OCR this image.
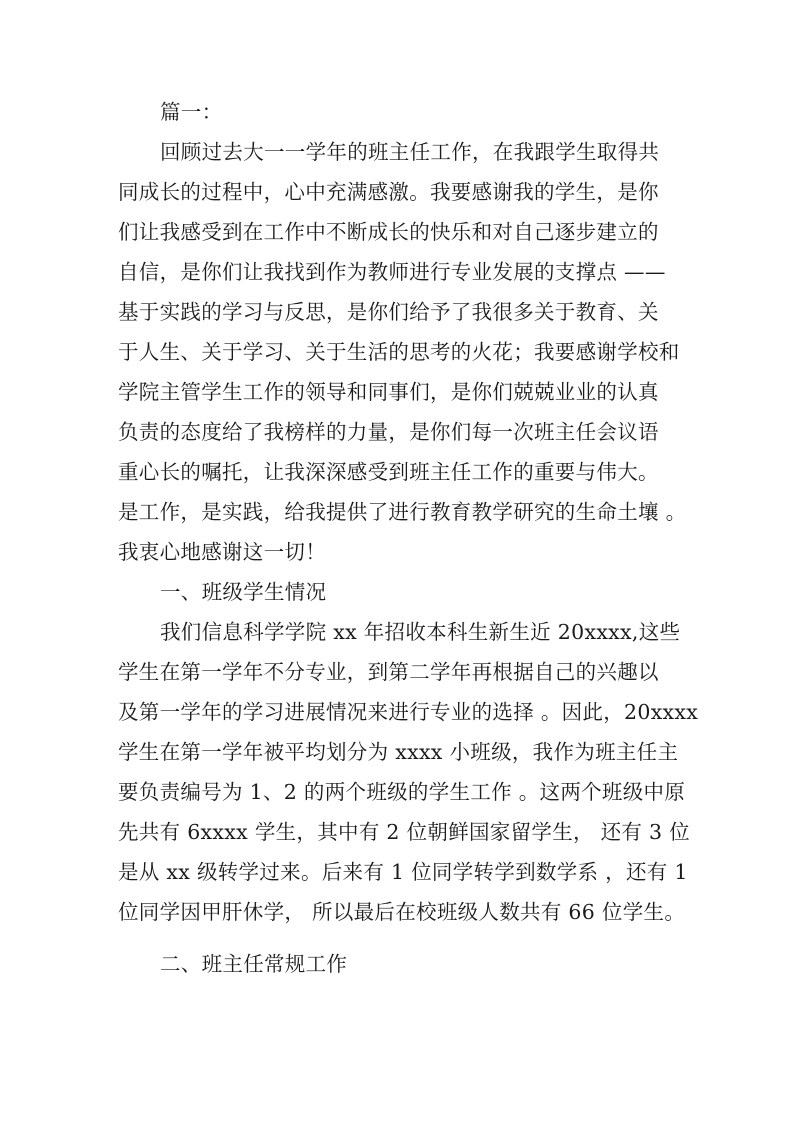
篇一：
回顾过去大一一学年的班主任工作，在我跟学生取得共
同成长的过程中，心中充满感激。我要感谢我的学生，是你
们让我感受到在工作中不断成长的快乐和对自己逐步建立的
自信，是你们让我找到作为教师进行专业发展的支撑点 ——
基于实践的学习与反思，是你们给予了我很多关于教育、关
于人生、关于学习、关于生活的思考的火花；我要感谢学校和
学院主管学生工作的领导和同事们，是你们兢兢业业的认真
负责的态度给了我榜样的力量，是你们每一次班主任会议语
重心长的嘱托，让我深深感受到班主任工作的重要与伟大。
是工作，是实践，给我提供了进行教育教学研究的生命土壤 。
我衷心地感谢这一切！
一、班级学生情况
我们信息科学学院 xx 年招收本科生新生近 20xxxx,这些
学生在第一学年不分专业，到第二学年再根据自己的兴趣以
及第一学年的学习进展情况来进行专业的选择 。因此，20xxxx
学生在第一学年被平均划分为 xxxx 小班级，我作为班主任主
要负责编号为 1、2 的两个班级的学生工作 。这两个班级中原
先共有 6xxxx 学生，其中有 2 位朝鲜国家留学生， 还有 3 位
是从 xx 级转学过来。后来有 1 位同学转学到数学系 ，还有 1
位同学因甲肝休学， 所以最后在校班级人数共有 66 位学生。
二、班主任常规工作
